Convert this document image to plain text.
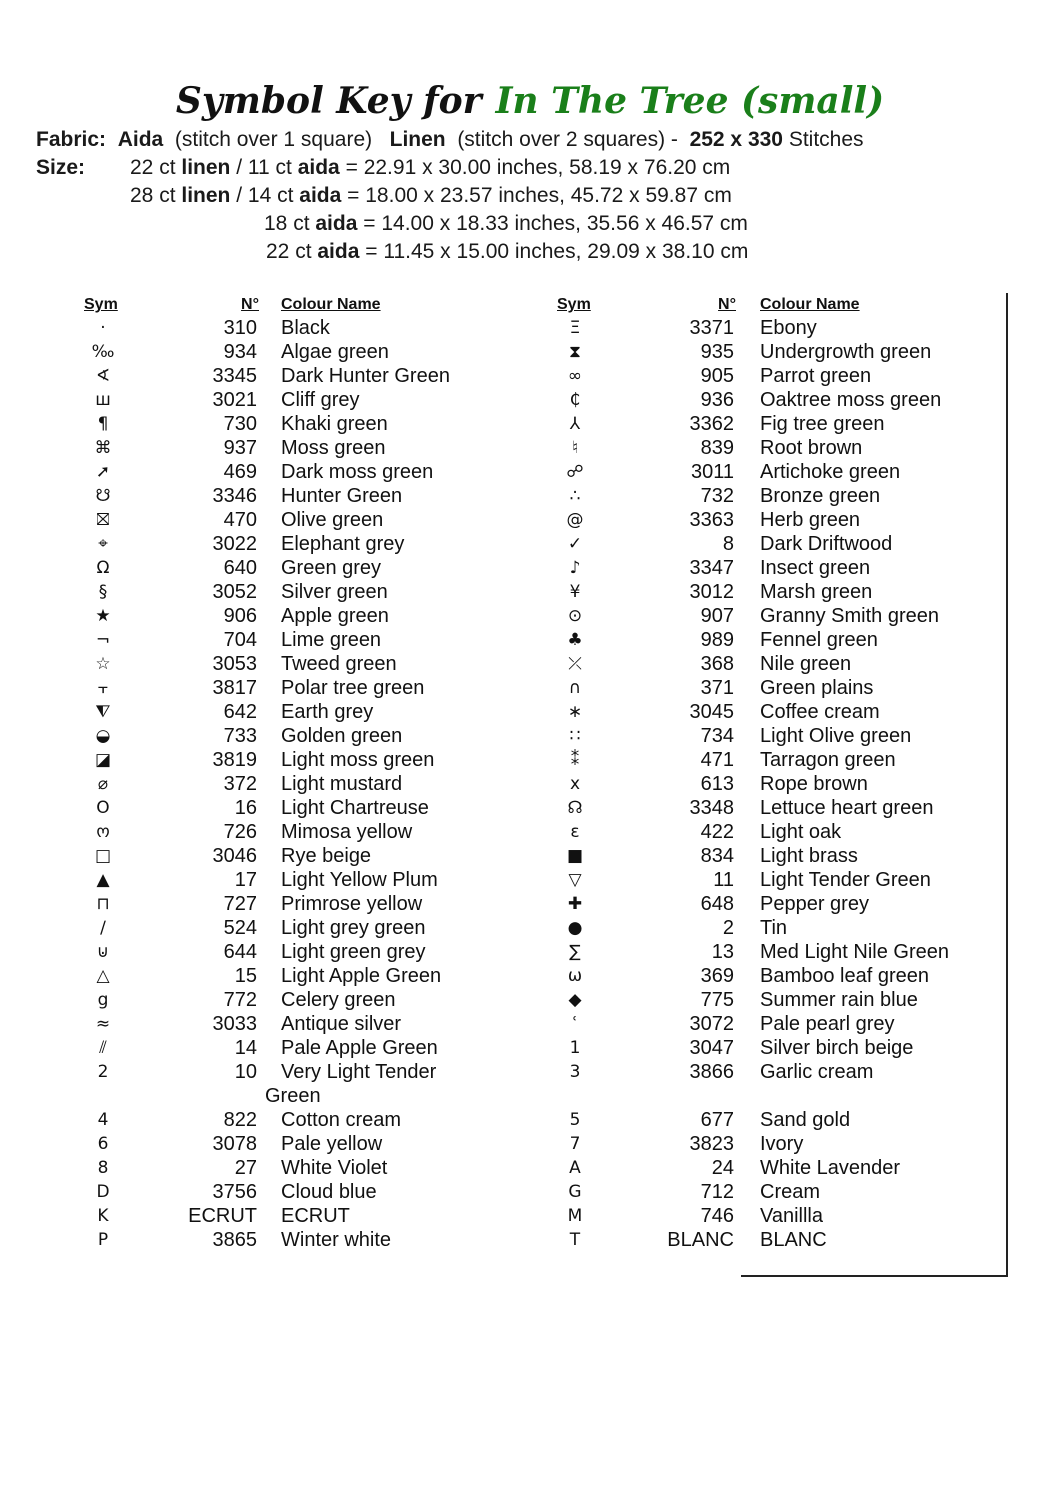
Symbol Key for In The Tree (small)
Fabric: Aida (stitch over 1 square) Linen (stitch over 2 squares) - 252 x 330 Stitches
Size: 22 ct linen / 11 ct aida = 22.91 x 30.00 inches, 58.19 x 76.20 cm
28 ct linen / 14 ct aida = 18.00 x 23.57 inches, 45.72 x 59.87 cm
18 ct aida = 14.00 x 18.33 inches, 35.56 x 46.57 cm
22 ct aida = 11.45 x 15.00 inches, 29.09 x 38.10 cm
Sym	N° Colour Name	Sym	N° Colour Name
·	310 Black
‰	934 Algae green
∢	3345 Dark Hunter Green
ш	3021 Cliff grey
¶	730 Khaki green
⌘	937 Moss green
➚	469 Dark moss green
☋	3346 Hunter Green
⛝	470 Olive green
⌖	3022 Elephant grey
Ω	640 Green grey
§	3052 Silver green
★	906 Apple green
¬	704 Lime green
☆	3053 Tweed green
⫟	3817 Polar tree green
⧨	642 Earth grey
◒	733 Golden green
◪	3819 Light moss green
⌀	372 Light mustard
O	16 Light Chartreuse
ო	726 Mimosa yellow
□	3046 Rye beige
▲	17 Light Yellow Plum
⊓	727 Primrose yellow
∕	524 Light grey green
⊍	644 Light green grey
△	15 Light Apple Green
g	772 Celery green
≈	3033 Antique silver
⫽	14 Pale Apple Green
2	10 Very Light Tender
Green
4	822 Cotton cream
6	3078 Pale yellow
8	27 White Violet
D	3756 Cloud blue
K	ECRUT ECRUT
P	3865 Winter white
Ξ	3371 Ebony
⧗	935 Undergrowth green
∞	905 Parrot green
₵	936 Oaktree moss green
⅄	3362 Fig tree green
♮	839 Root brown
☍	3011 Artichoke green
∴	732 Bronze green
@	3363 Herb green
✓	8 Dark Driftwood
♪	3347 Insect green
¥	3012 Marsh green
⊙	907 Granny Smith green
♣	989 Fennel green
⤫	368 Nile green
∩	371 Green plains
∗	3045 Coffee cream
∷	734 Light Olive green
⁑	471 Tarragon green
x	613 Rope brown
☊	3348 Lettuce heart green
ɛ	422 Light oak
■	834 Light brass
▽	11 Light Tender Green
✚	648 Pepper grey
●	2 Tin
∑	13 Med Light Nile Green
ω	369 Bamboo leaf green
◆	775 Summer rain blue
ʿ	3072 Pale pearl grey
1	3047 Silver birch beige
3	3866 Garlic cream
5	677 Sand gold
7	3823 Ivory
A	24 White Lavender
G	712 Cream
M	746 Vanillla
T	BLANC BLANC
